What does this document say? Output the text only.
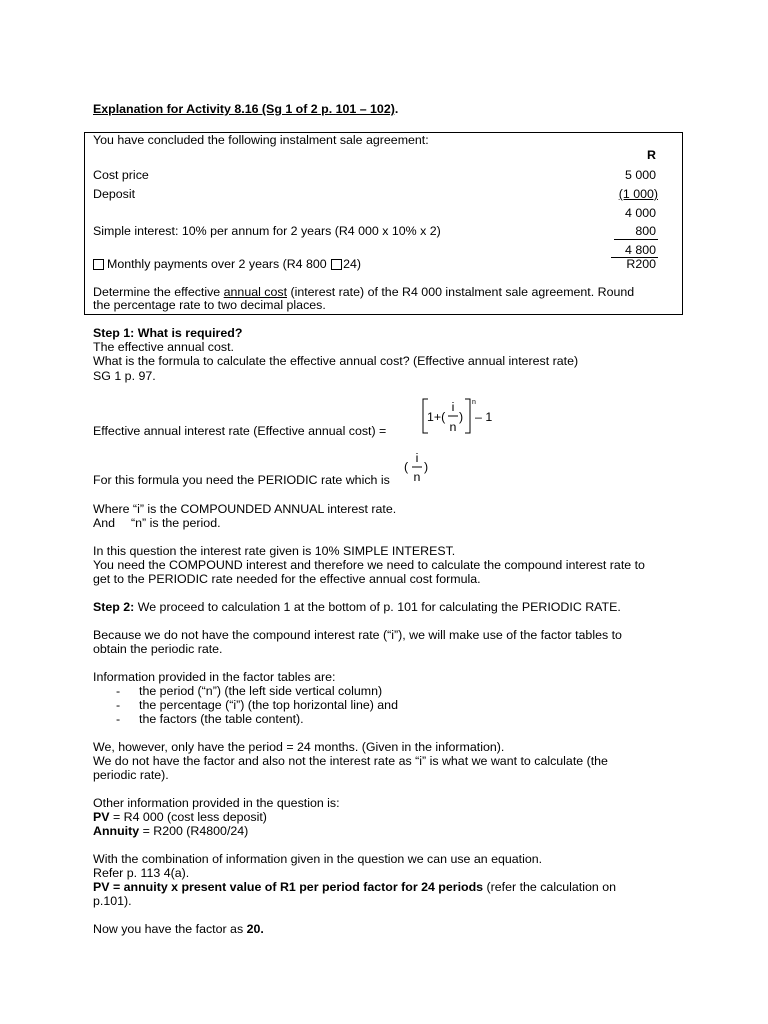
Explanation for Activity 8.16 (Sg 1 of 2 p. 101 – 102).
You have concluded the following instalment sale agreement:
R
Cost price	5 000
Deposit	(1 000)
4 000
Simple interest: 10% per annum for 2 years (R4 000 x 10% x 2)	800
4 800
Monthly payments over 2 years (R4 800 24)	R200
Determine the effective annual cost (interest rate) of the R4 000 instalment sale agreement. Round
the percentage rate to two decimal places.
Step 1: What is required?
The effective annual cost.
What is the formula to calculate the effective annual cost? (Effective annual interest rate)
SG 1 p. 97.
Effective annual interest rate (Effective annual cost) =
1+(
i
n
)
n
– 1
For this formula you need the PERIODIC rate which is
(
i
n
)
Where “i” is the COMPOUNDED ANNUAL interest rate.
And “n” is the period.
In this question the interest rate given is 10% SIMPLE INTEREST.
You need the COMPOUND interest and therefore we need to calculate the compound interest rate to
get to the PERIODIC rate needed for the effective annual cost formula.
Step 2: We proceed to calculation 1 at the bottom of p. 101 for calculating the PERIODIC RATE.
Because we do not have the compound interest rate (“i”), we will make use of the factor tables to
obtain the periodic rate.
Information provided in the factor tables are:
- the period (“n”) (the left side vertical column)
- the percentage (“i”) (the top horizontal line) and
- the factors (the table content).
We, however, only have the period = 24 months. (Given in the information).
We do not have the factor and also not the interest rate as “i” is what we want to calculate (the
periodic rate).
Other information provided in the question is:
PV = R4 000 (cost less deposit)
Annuity = R200 (R4800/24)
With the combination of information given in the question we can use an equation.
Refer p. 113 4(a).
PV = annuity x present value of R1 per period factor for 24 periods (refer the calculation on
p.101).
Now you have the factor as 20.
